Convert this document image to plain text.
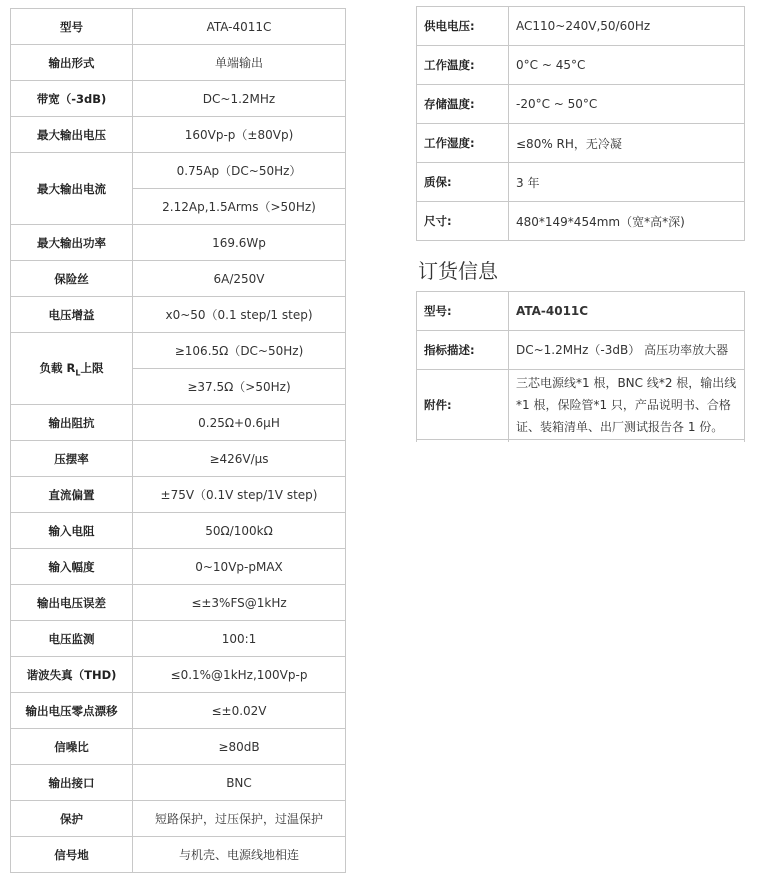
型号	ATA-4011C
输出形式	单端输出
带宽（-3dB)	DC~1.2MHz
最大输出电压	160Vp-p（±80Vp)
最大输出电流	0.75Ap（DC~50Hz）
	2.12Ap,1.5Arms（>50Hz)
最大输出功率	169.6Wp
保险丝	6A/250V
电压增益	x0~50（0.1 step/1 step)
负载 $R_L$上限	≥106.5Ω（DC~50Hz)
	≥37.5Ω（>50Hz)
输出阻抗	0.25Ω+0.6μH
压摆率	≥426V/μs
直流偏置	±75V（0.1V step/1V step)
输入电阻	50Ω/100kΩ
输入幅度	0~10Vp-pMAX
输出电压误差	≤±3%FS@1kHz
电压监测	100:1
谐波失真（THD)	≤0.1%@1kHz,100Vp-p
输出电压零点漂移	≤±0.02V
信噪比	≥80dB
输出接口	BNC
保护	短路保护，过压保护，过温保护
信号地	与机壳、电源线地相连
供电电压:	AC110~240V,50/60Hz
工作温度:	0°C ~ 45°C
存储温度:	-20°C ~ 50°C
工作湿度:	≤80% RH，无冷凝
质保:	3 年
尺寸:	480*149*454mm（宽*高*深)
订货信息
型号:	ATA-4011C
指标描述:	DC~1.2MHz（-3dB） 高压功率放大器
附件:	三芯电源线*1 根，BNC 线*2 根，输出线*1 根，保险管*1 只，产品说明书、合格证、装箱清单、出厂测试报告各 1 份。
